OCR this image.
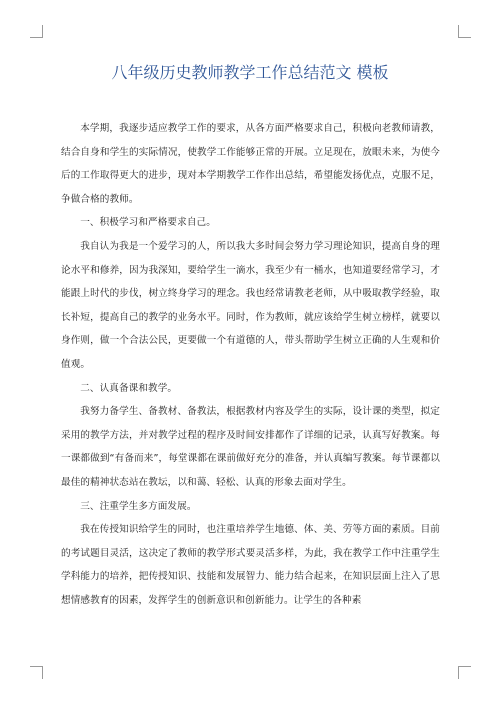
八年级历史教师教学工作总结范文 模板

本学期，我逐步适应教学工作的要求，从各方面严格要求自己，积极向老教师请教，结合自身和学生的实际情况，使教学工作能够正常的开展。立足现在，放眼未来，为使今后的工作取得更大的进步，现对本学期教学工作作出总结，希望能发扬优点，克服不足，争做合格的教师。

一、积极学习和严格要求自己。

我自认为我是一个爱学习的人，所以我大多时间会努力学习理论知识，提高自身的理论水平和修养，因为我深知，要给学生一滴水，我至少有一桶水，也知道要经常学习，才能跟上时代的步伐，树立终身学习的理念。我也经常请教老老师，从中吸取教学经验，取长补短，提高自己的教学的业务水平。同时，作为教师，就应该给学生树立榜样，就要以身作则，做一个合法公民，更要做一个有道德的人，带头帮助学生树立正确的人生观和价值观。

二、认真备课和教学。

我努力备学生、备教材、备教法，根据教材内容及学生的实际，设计课的类型，拟定采用的教学方法，并对教学过程的程序及时间安排都作了详细的记录，认真写好教案。每一课都做到“有备而来”，每堂课都在课前做好充分的准备，并认真编写教案。每节课都以最佳的精神状态站在教坛，以和蔼、轻松、认真的形象去面对学生。

三、注重学生多方面发展。

我在传授知识给学生的同时，也注重培养学生地德、体、美、劳等方面的素质。目前的考试题目灵活，这决定了教师的教学形式要灵活多样，为此，我在教学工作中注重学生学科能力的培养，把传授知识、技能和发展智力、能力结合起来，在知识层面上注入了思想情感教育的因素，发挥学生的创新意识和创新能力。让学生的各种素
